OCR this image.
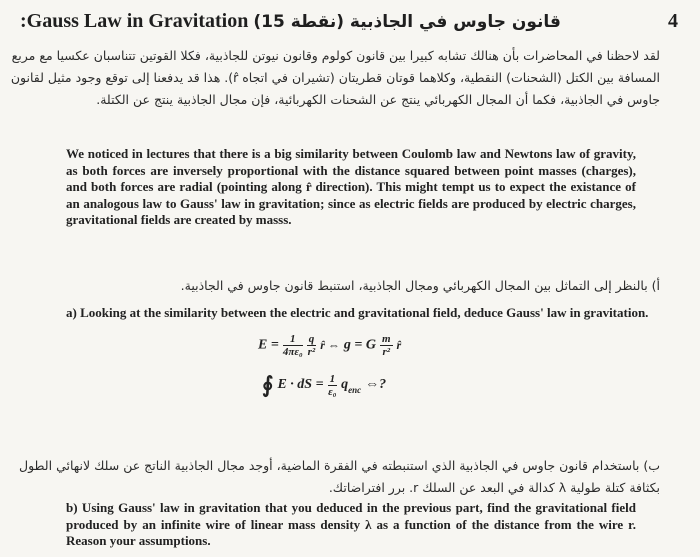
:Gauss Law in Gravitation (15 نقطة) قانون جاوس في الجاذبية	4
لقد لاحظنا في المحاضرات بأن هنالك تشابه كبيرا بين قانون كولوم وقانون نيوتن للجاذبية، فكلا القوتين تتناسبان عكسيا مع مربع
المسافة بين الكتل (الشحنات) النقطية، وكلاهما قوتان قطريتان (تشيران في اتجاه r̂). هذا قد يدفعنا إلى توقع وجود مثيل لقانون
جاوس في الجاذبية، فكما أن المجال الكهربائي ينتج عن الشحنات الكهربائية، فإن مجال الجاذبية ينتج عن الكتلة.
We noticed in lectures that there is a big similarity between Coulomb law and Newtons law of gravity, as both forces are inversely proportional with the distance squared between point masses (charges), and both forces are radial (pointing along r̂ direction). This might tempt us to expect the existance of an analogous law to Gauss' law in gravitation; since as electric fields are produced by electric charges, gravitational fields are created by masss.
أ) بالنظر إلى التماثل بين المجال الكهربائي ومجال الجاذبية، استنبط قانون جاوس في الجاذبية.
a) Looking at the similarity between the electric and gravitational field, deduce Gauss' law in gravitation.
$E = \frac{1}{\text{4πε₀}}$
$\frac{q}{\text{r²}}$ r̂ ⇔ g = G $\frac{m}{\text{r²}}$ r̂
∮ E · dS = $\frac{1}{\text{ε₀}} q_{enc}$ ⇔?
ب) باستخدام قانون جاوس في الجاذبية الذي استنبطته في الفقرة الماضية، أوجد مجال الجاذبية الناتج عن سلك لانهائي الطول
بكثافة كتلة طولية λ كدالة في البعد عن السلك r. برر افتراضاتك.
b) Using Gauss' law in gravitation that you deduced in the previous part, find the gravitational field produced by an infinite wire of linear mass density λ as a function of the distance from the wire r. Reason your assumptions.
